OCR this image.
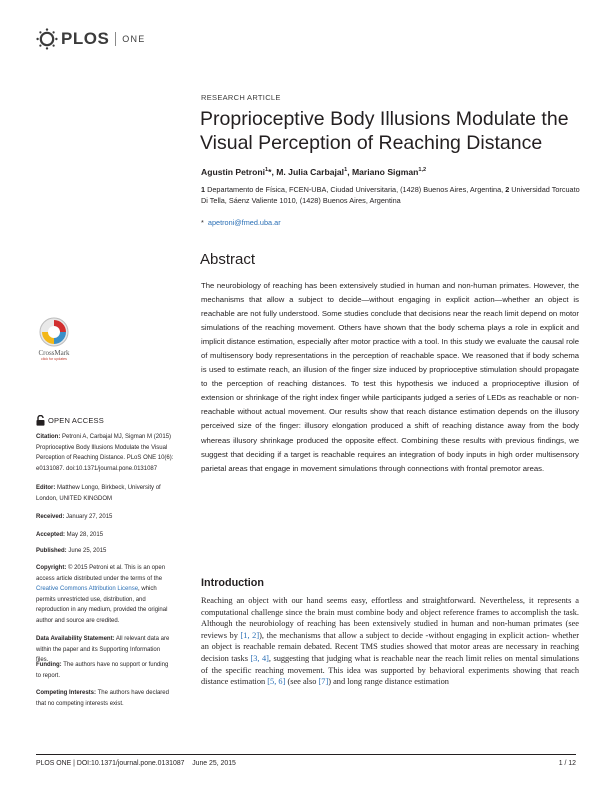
PLOS ONE
RESEARCH ARTICLE
Proprioceptive Body Illusions Modulate the Visual Perception of Reaching Distance
Agustin Petroni$^1$*, M. Julia Carbajal$^1$, Mariano Sigman$^{1,2}$
1 Departamento de Física, FCEN-UBA, Ciudad Universitaria, (1428) Buenos Aires, Argentina, 2 Universidad Torcuato Di Tella, Sáenz Valiente 1010, (1428) Buenos Aires, Argentina
* apetroni@fmed.uba.ar
Abstract

The neurobiology of reaching has been extensively studied in human and non-human primates. However, the mechanisms that allow a subject to decide—without engaging in explicit action—whether an object is reachable are not fully understood. Some studies conclude that decisions near the reach limit depend on motor simulations of the reaching movement. Others have shown that the body schema plays a role in explicit and implicit distance estimation, especially after motor practice with a tool. In this study we evaluate the causal role of multisensory body representations in the perception of reachable space. We reasoned that if body schema is used to estimate reach, an illusion of the finger size induced by proprioceptive stimulation should propagate to the perception of reaching distances. To test this hypothesis we induced a proprioceptive illusion of extension or shrinkage of the right index finger while participants judged a series of LEDs as reachable or non-reachable without actual movement. Our results show that reach distance estimation depends on the illusory perceived size of the finger: illusory elongation produced a shift of reaching distance away from the body whereas illusory shrinkage produced the opposite effect. Combining these results with previous findings, we suggest that deciding if a target is reachable requires an integration of body inputs in high order multisensory parietal areas that engage in movement simulations through connections with frontal premotor areas.

Introduction

Reaching an object with our hand seems easy, effortless and straightforward. Nevertheless, it represents a computational challenge since the brain must combine body and object reference frames to accomplish the task. Although the neurobiology of reaching has been extensively studied in human and non-human primates (see reviews by [1, 2]), the mechanisms that allow a subject to decide -without engaging in explicit action- whether an object is reachable remain debated. Recent TMS studies showed that motor areas are necessary in reaching decision tasks [3, 4], suggesting that judging what is reachable near the reach limit relies on mental simulations of the specific reaching movement. This idea was supported by behavioral experiments showing that reach distance estimation [5, 6] (see also [7]) and long range distance estimation

CrossMark
click for updates
OPEN ACCESS
Citation: Petroni A, Carbajal MJ, Sigman M (2015) Proprioceptive Body Illusions Modulate the Visual Perception of Reaching Distance. PLoS ONE 10(6): e0131087. doi:10.1371/journal.pone.0131087
Editor: Matthew Longo, Birkbeck, University of London, UNITED KINGDOM
Received: January 27, 2015
Accepted: May 28, 2015
Published: June 25, 2015
Copyright: © 2015 Petroni et al. This is an open access article distributed under the terms of the Creative Commons Attribution License, which permits unrestricted use, distribution, and reproduction in any medium, provided the original author and source are credited.
Data Availability Statement: All relevant data are within the paper and its Supporting Information files.
Funding: The authors have no support or funding to report.
Competing Interests: The authors have declared that no competing interests exist.
PLOS ONE | DOI:10.1371/journal.pone.0131087 June 25, 2015	1 / 12
